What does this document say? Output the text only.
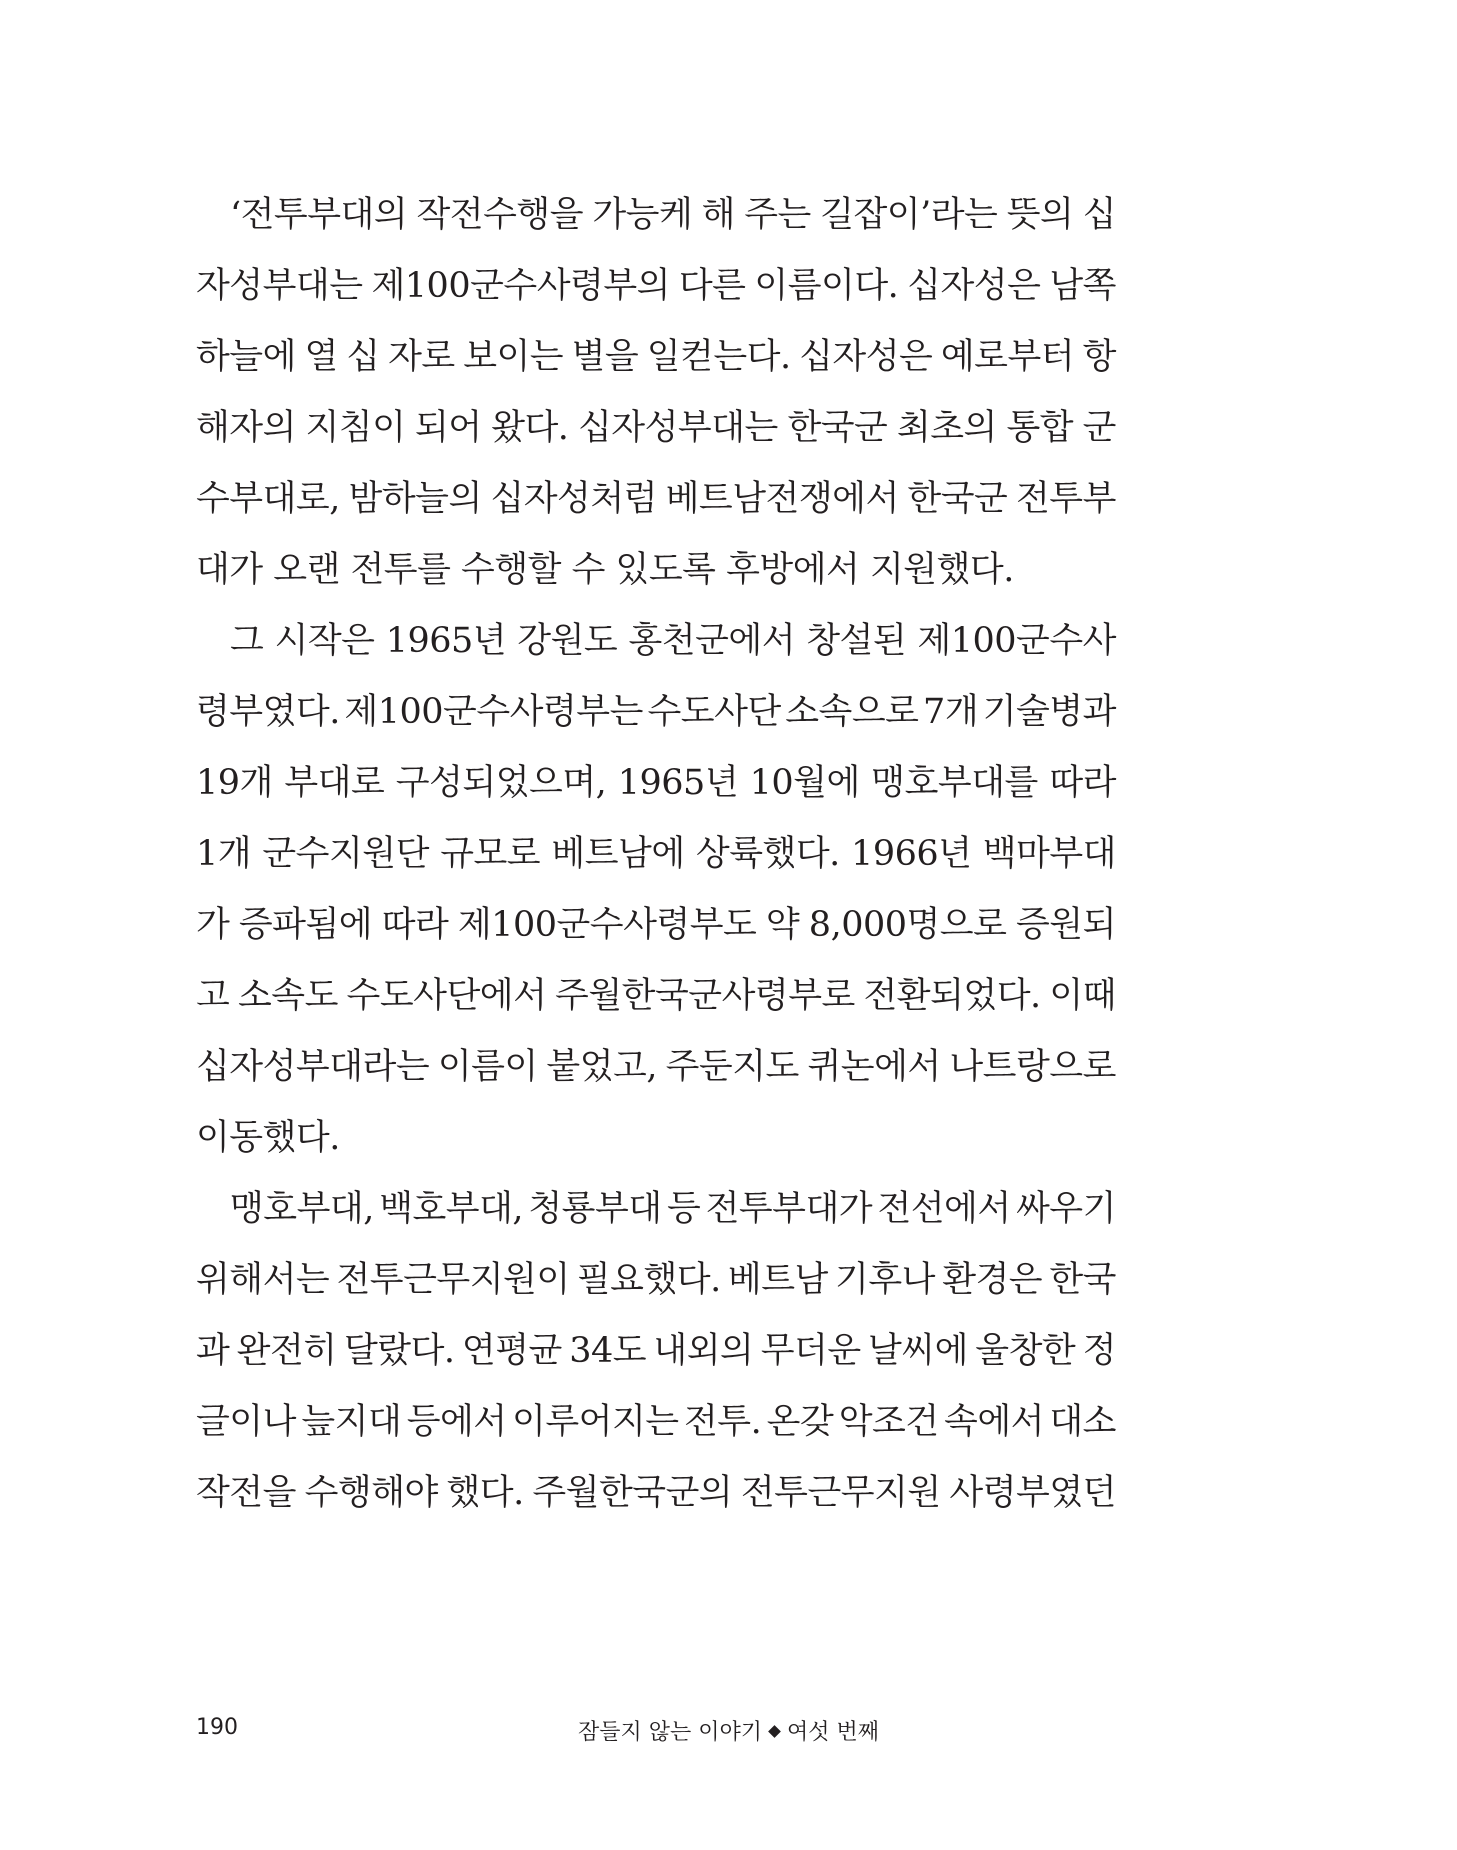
‘전투부대의 작전수행을 가능케 해 주는 길잡이’라는 뜻의 십
자성부대는 제100군수사령부의 다른 이름이다. 십자성은 남쪽
하늘에 열 십 자로 보이는 별을 일컫는다. 십자성은 예로부터 항
해자의 지침이 되어 왔다. 십자성부대는 한국군 최초의 통합 군
수부대로, 밤하늘의 십자성처럼 베트남전쟁에서 한국군 전투부
대가 오랜 전투를 수행할 수 있도록 후방에서 지원했다.
그 시작은 1965년 강원도 홍천군에서 창설된 제100군수사
령부였다. 제100군수사령부는 수도사단 소속으로 7개 기술병과
19개 부대로 구성되었으며, 1965년 10월에 맹호부대를 따라
1개 군수지원단 규모로 베트남에 상륙했다. 1966년 백마부대
가 증파됨에 따라 제100군수사령부도 약 8,000명으로 증원되
고 소속도 수도사단에서 주월한국군사령부로 전환되었다. 이때
십자성부대라는 이름이 붙었고, 주둔지도 퀴논에서 나트랑으로
이동했다.
맹호부대, 백호부대, 청룡부대 등 전투부대가 전선에서 싸우기
위해서는 전투근무지원이 필요했다. 베트남 기후나 환경은 한국
과 완전히 달랐다. 연평균 34도 내외의 무더운 날씨에 울창한 정
글이나 늪지대 등에서 이루어지는 전투. 온갖 악조건 속에서 대소
작전을 수행해야 했다. 주월한국군의 전투근무지원 사령부였던
190	잠들지 않는 이야기 여섯 번째
